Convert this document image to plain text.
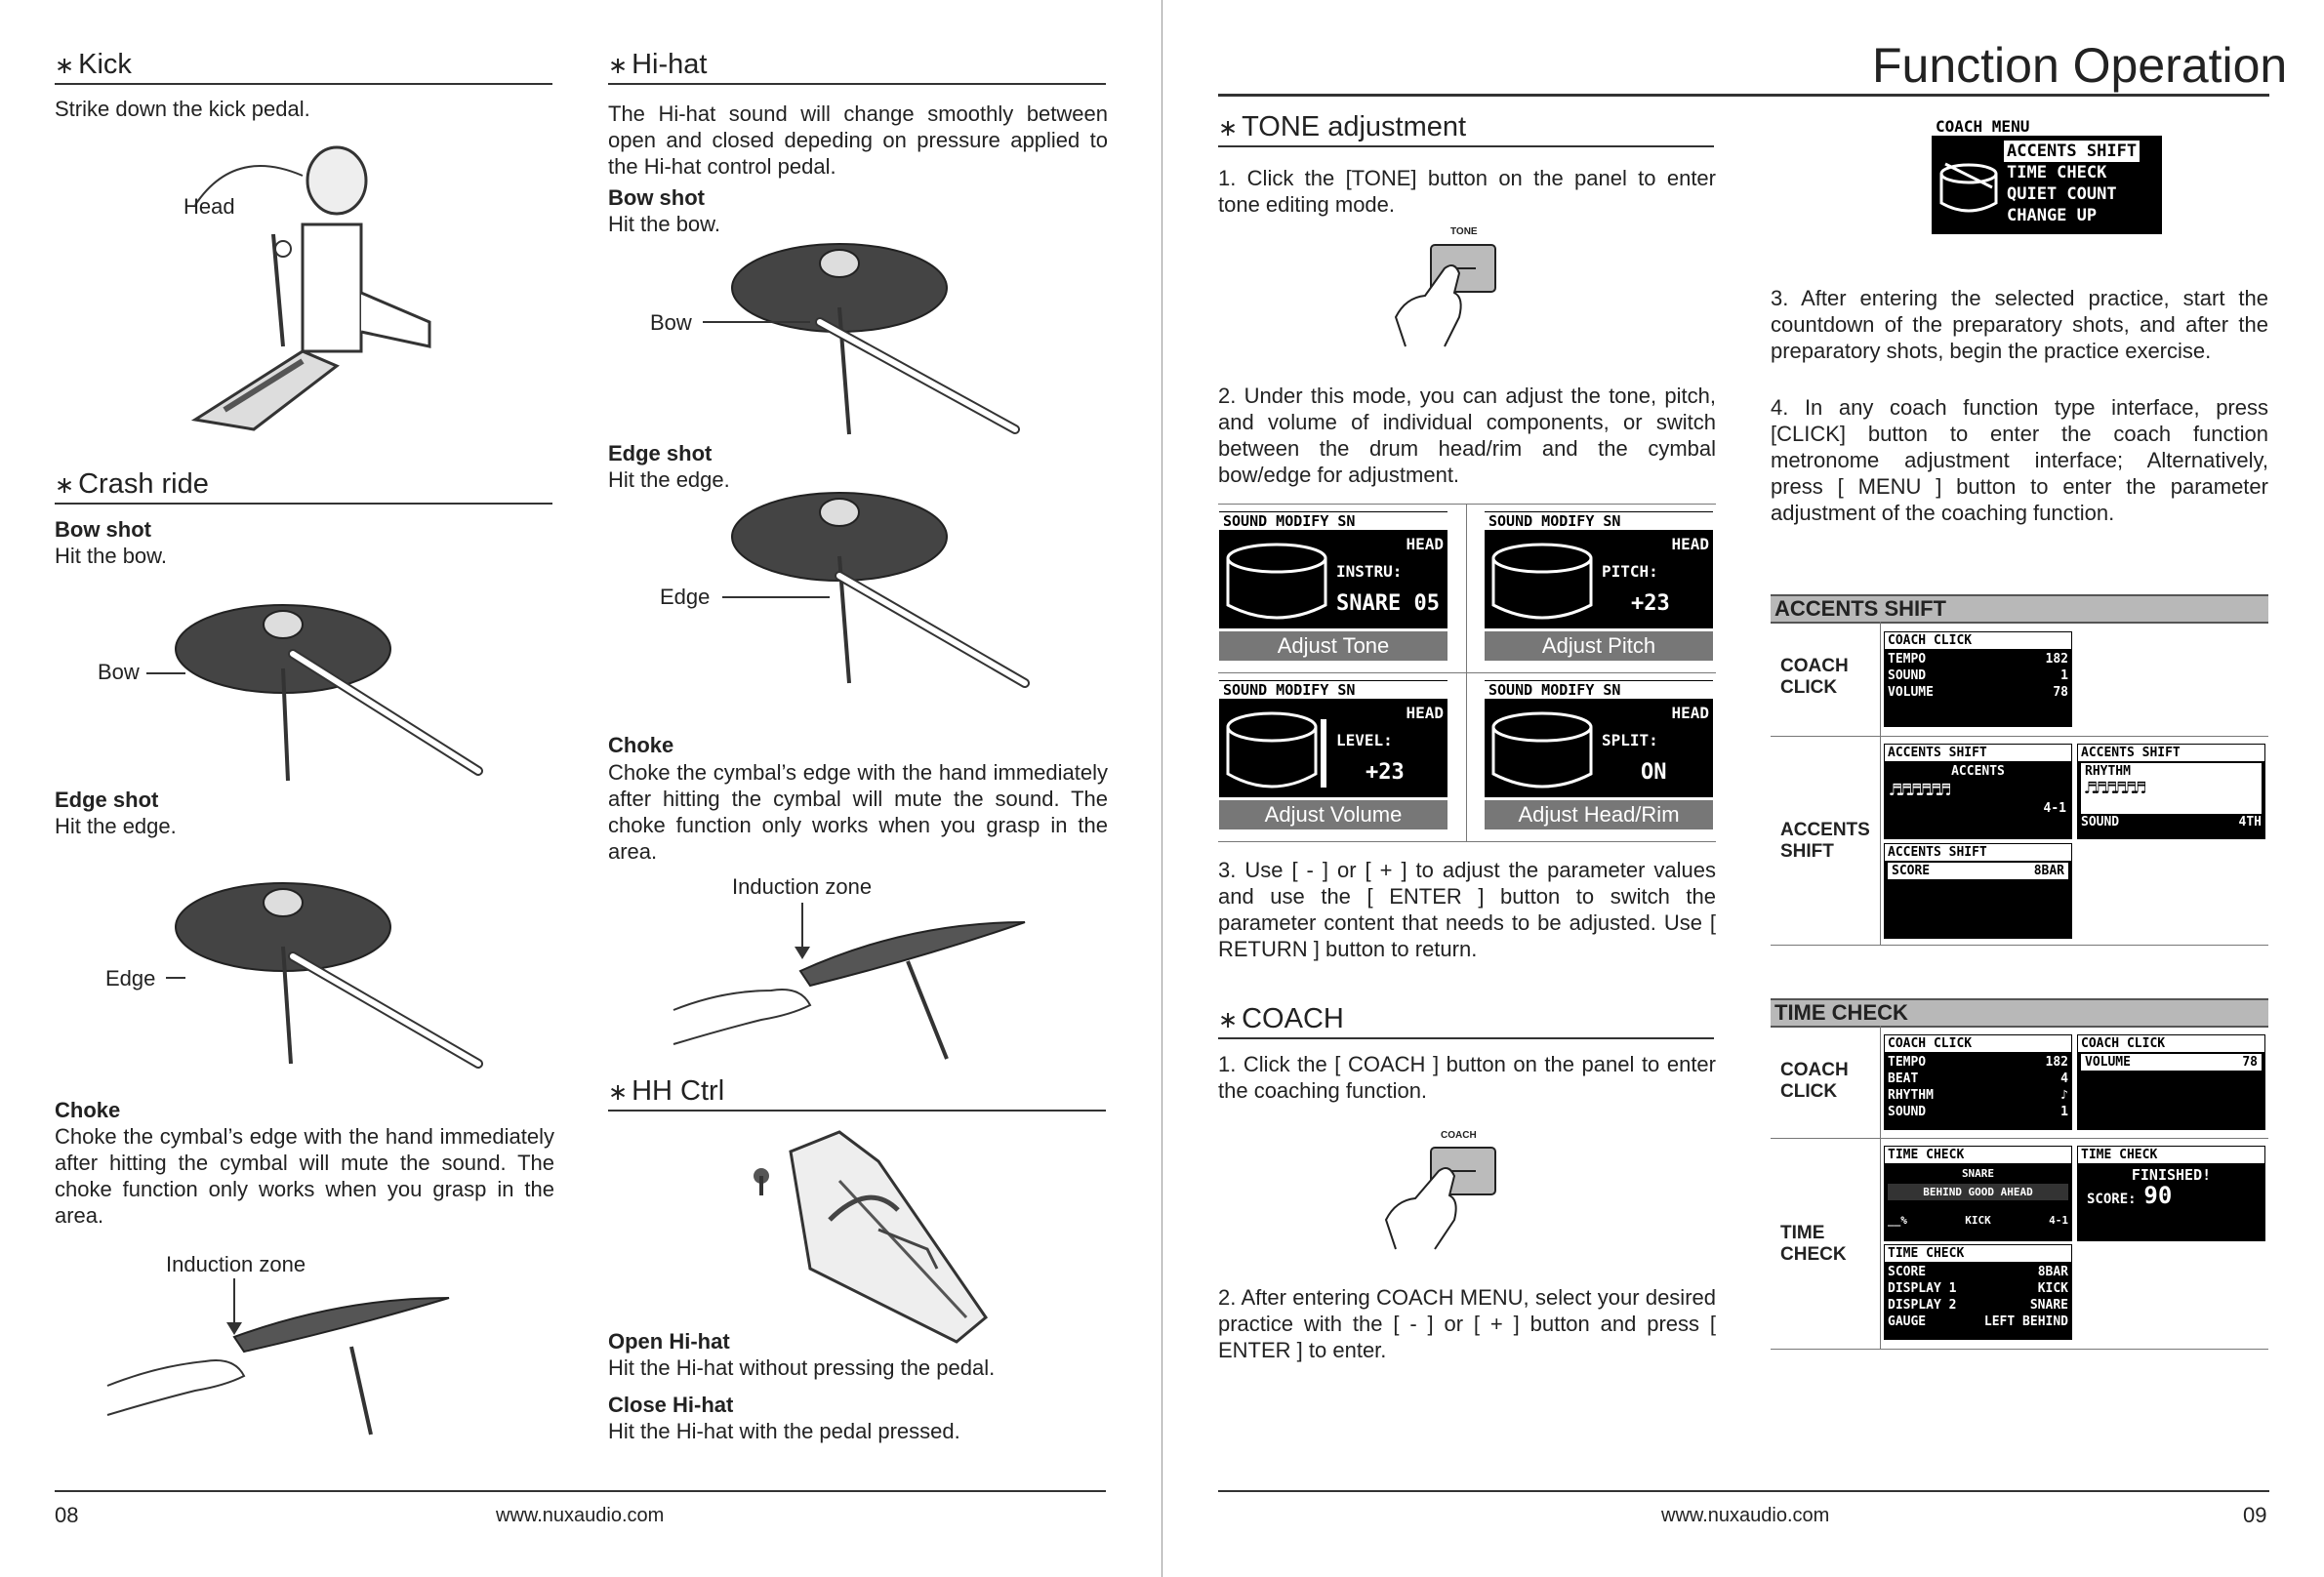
∗ Kick
Strike down the kick pedal.
Head
∗ Crash ride
Bow shot
Hit the bow.
Bow
Edge shot
Hit the edge.
Edge
Choke
Choke the cymbal’s edge with the hand immediately after hitting the cymbal will mute the sound. The choke function only works when you grasp in the area.
Induction zone
∗ Hi-hat
The Hi-hat sound will change smoothly between open and closed depeding on pressure applied to the Hi-hat control pedal.
Bow shot
Hit the bow.
Bow
Edge shot
Hit the edge.
Edge
Choke
Choke the cymbal’s edge with the hand immediately after hitting the cymbal will mute the sound. The choke function only works when you grasp in the area.
Induction zone
∗ HH Ctrl
Open Hi-hat
Hit the Hi-hat without pressing the pedal.
Close Hi-hat
Hit the Hi-hat with the pedal pressed.
08	www.nuxaudio.com
Function Operation
∗ TONE adjustment
1. Click the [TONE] button on the panel to enter tone editing mode.
TONE
2. Under this mode, you can adjust the tone, pitch, and volume of individual components, or switch between the drum head/rim and the cymbal bow/edge for adjustment.
SOUND MODIFY SN
HEAD
INSTRU:
SNARE 05
Adjust Tone
SOUND MODIFY SN
HEAD
PITCH:
+23
Adjust Pitch
SOUND MODIFY SN
HEAD
LEVEL:
+23
Adjust Volume
SOUND MODIFY SN
HEAD
SPLIT:
ON
Adjust Head/Rim
3. Use [ - ] or [ + ] to adjust the parameter values and use the [ ENTER ] button to switch the parameter content that needs to be adjusted. Use [ RETURN ] button to return.
∗ COACH
1. Click the [ COACH ] button on the panel to enter the coaching function.
COACH
2. After entering COACH MENU, select your desired practice with the [ - ] or [ + ] button and press [ ENTER ] to enter.
COACH MENU
ACCENTS SHIFT
TIME CHECK
QUIET COUNT
CHANGE UP
3. After entering the selected practice, start the countdown of the preparatory shots, and after the preparatory shots, begin the practice exercise.
4. In any coach function type interface, press [CLICK] button to enter the coach function metronome adjustment interface; Alternatively, press [ MENU ] button to enter the parameter adjustment of the coaching function.
ACCENTS SHIFT
COACH CLICK
ACCENTS SHIFT
COACH CLICK
TEMPO	182
SOUND	1
VOLUME	78
ACCENTS SHIFT
ACCENTS
♬♬♬♬♬♬
4-1
ACCENTS SHIFT
RHYTHM
♬♬♬♬♬♬
SOUND	4TH
ACCENTS SHIFT
SCORE	8BAR
TIME CHECK
COACH CLICK
TIME CHECK
COACH CLICK
TEMPO	182
BEAT	4
RHYTHM	♪
SOUND	1
COACH CLICK
VOLUME	78
TIME CHECK
SNARE
BEHIND GOOD AHEAD
__%	KICK	4-1
TIME CHECK
FINISHED!
SCORE: 90
TIME CHECK
SCORE	8BAR
DISPLAY 1	KICK
DISPLAY 2	SNARE
GAUGE	LEFT BEHIND
www.nuxaudio.com	09
